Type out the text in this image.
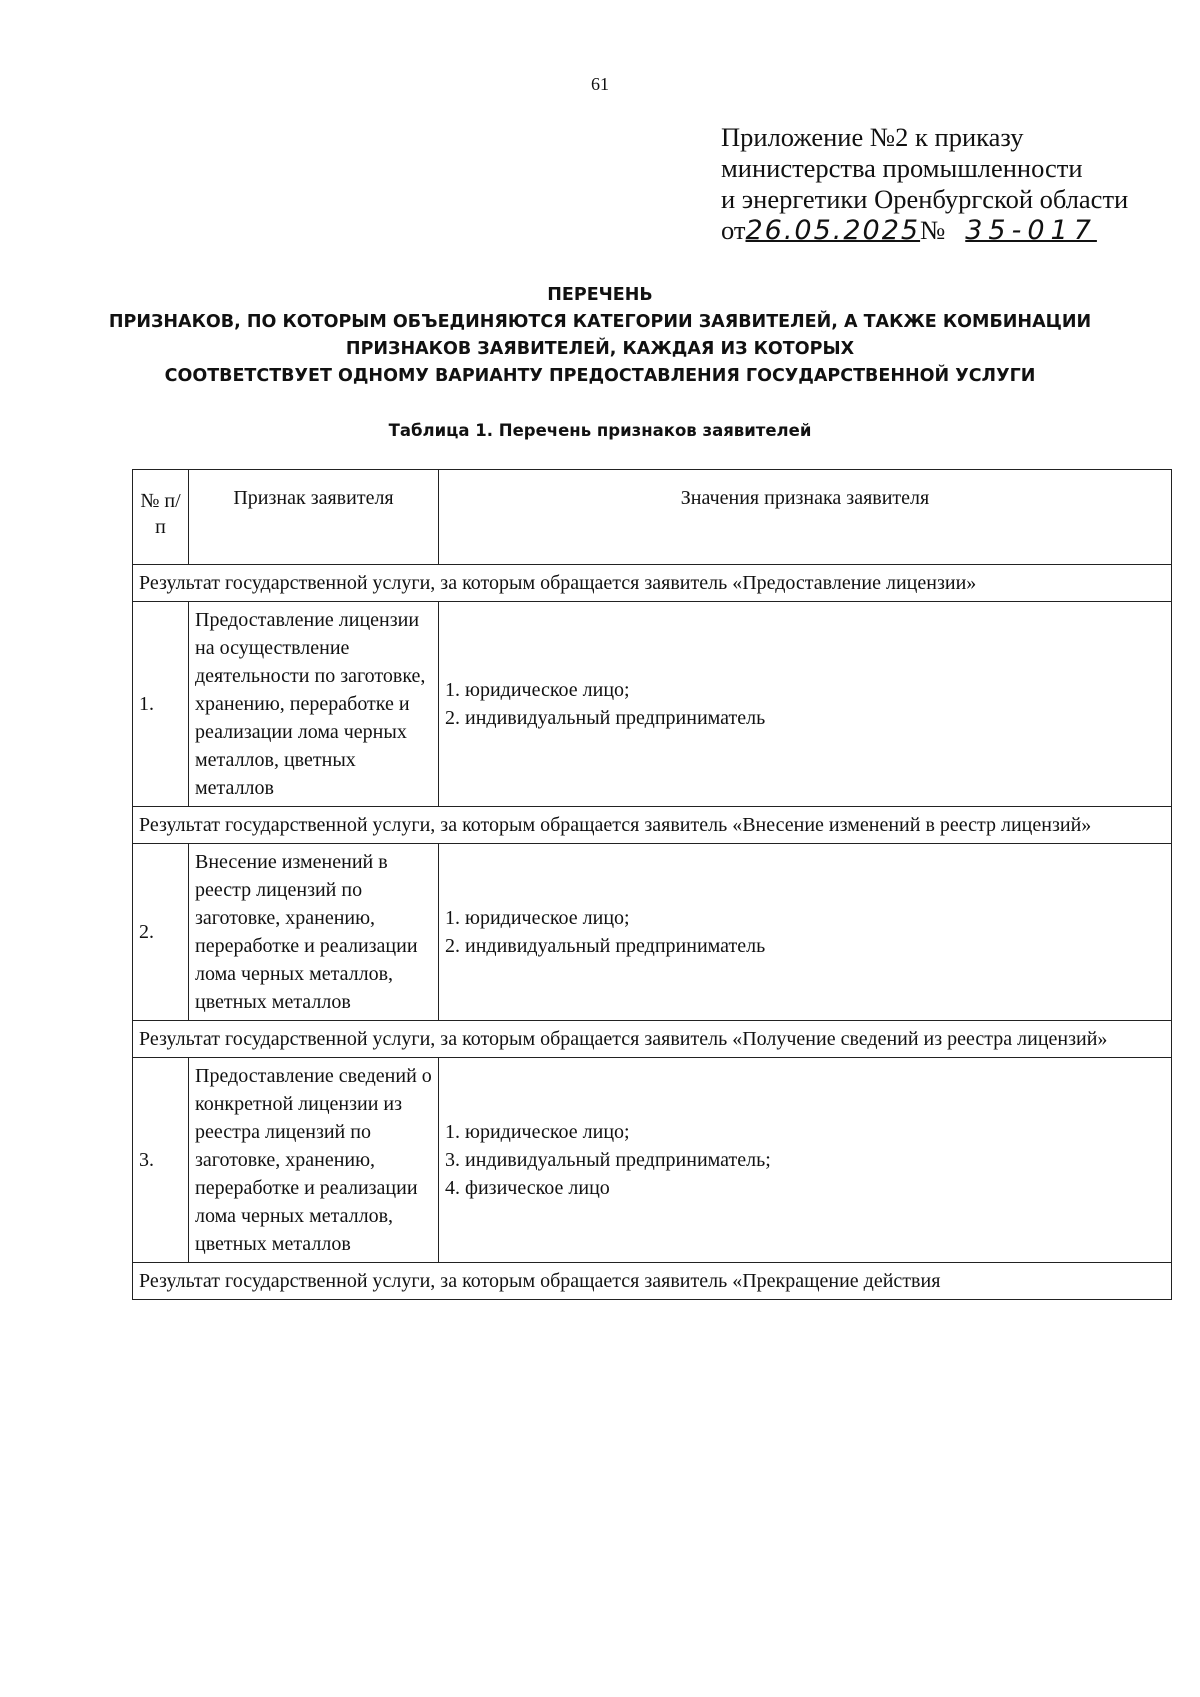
61
Приложение №2 к приказу
министерства промышленности
и энергетики Оренбургской области
от26.05.2025№ 35-017
ПЕРЕЧЕНЬ
ПРИЗНАКОВ, ПО КОТОРЫМ ОБЪЕДИНЯЮТСЯ КАТЕГОРИИ ЗАЯВИТЕЛЕЙ, А ТАКЖЕ КОМБИНАЦИИ
ПРИЗНАКОВ ЗАЯВИТЕЛЕЙ, КАЖДАЯ ИЗ КОТОРЫХ
СООТВЕТСТВУЕТ ОДНОМУ ВАРИАНТУ ПРЕДОСТАВЛЕНИЯ ГОСУДАРСТВЕННОЙ УСЛУГИ
Таблица 1. Перечень признаков заявителей
№ п/п	Признак заявителя	Значения признака заявителя
Результат государственной услуги, за которым обращается заявитель «Предоставление лицензии»		
1.	Предоставление лицензии на осуществление деятельности по заготовке, хранению, переработке и реализации лома черных металлов, цветных металлов	1. юридическое лицо;
2. индивидуальный предприниматель

Результат государственной услуги, за которым обращается заявитель «Внесение изменений в реестр лицензий»		
2.	Внесение изменений в реестр лицензий по заготовке, хранению, переработке и реализации лома черных металлов, цветных металлов	1. юридическое лицо;
2. индивидуальный предприниматель

Результат государственной услуги, за которым обращается заявитель «Получение сведений из реестра лицензий»		
3.	Предоставление сведений о конкретной лицензии из реестра лицензий по заготовке, хранению, переработке и реализации лома черных металлов, цветных металлов	1. юридическое лицо;
3. индивидуальный предприниматель;
4. физическое лицо

Результат государственной услуги, за которым обращается заявитель «Прекращение действия		
